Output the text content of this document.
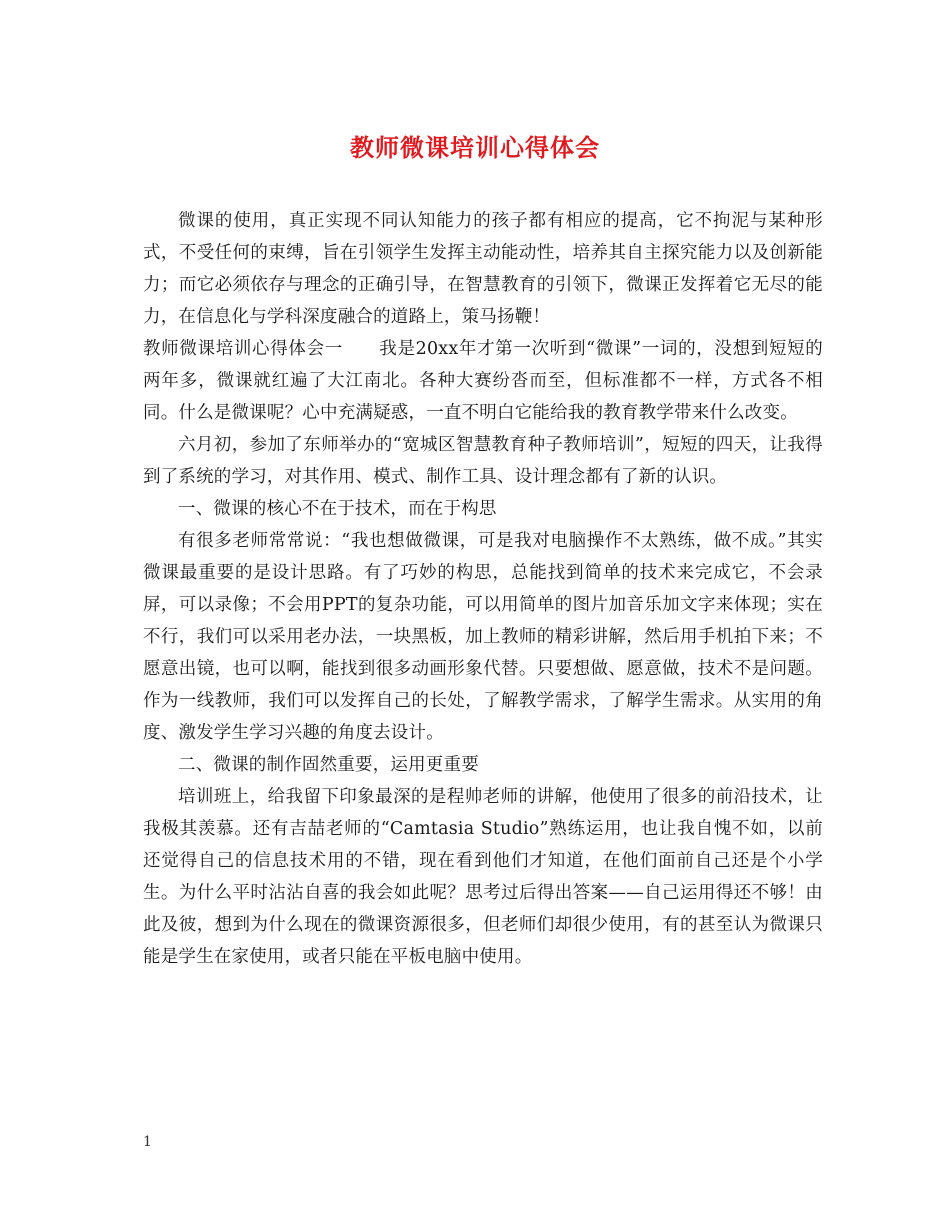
教师微课培训心得体会

微课的使用，真正实现不同认知能力的孩子都有相应的提高，它不拘泥与某种形式，不受任何的束缚，旨在引领学生发挥主动能动性，培养其自主探究能力以及创新能力；而它必须依存与理念的正确引导，在智慧教育的引领下，微课正发挥着它无尽的能力，在信息化与学科深度融合的道路上，策马扬鞭！

教师微课培训心得体会一　　我是20xx年才第一次听到“微课”一词的，没想到短短的两年多，微课就红遍了大江南北。各种大赛纷沓而至，但标准都不一样，方式各不相同。什么是微课呢？心中充满疑惑，一直不明白它能给我的教育教学带来什么改变。

六月初，参加了东师举办的“宽城区智慧教育种子教师培训”，短短的四天，让我得到了系统的学习，对其作用、模式、制作工具、设计理念都有了新的认识。

一、微课的核心不在于技术，而在于构思

有很多老师常常说：“我也想做微课，可是我对电脑操作不太熟练，做不成。”其实微课最重要的是设计思路。有了巧妙的构思，总能找到简单的技术来完成它，不会录屏，可以录像；不会用PPT的复杂功能，可以用简单的图片加音乐加文字来体现；实在不行，我们可以采用老办法，一块黑板，加上教师的精彩讲解，然后用手机拍下来；不愿意出镜，也可以啊，能找到很多动画形象代替。只要想做、愿意做，技术不是问题。作为一线教师，我们可以发挥自己的长处，了解教学需求，了解学生需求。从实用的角度、激发学生学习兴趣的角度去设计。

二、微课的制作固然重要，运用更重要

培训班上，给我留下印象最深的是程帅老师的讲解，他使用了很多的前沿技术，让我极其羡慕。还有吉喆老师的“Camtasia Studio”熟练运用，也让我自愧不如，以前还觉得自己的信息技术用的不错，现在看到他们才知道，在他们面前自己还是个小学生。为什么平时沾沾自喜的我会如此呢？思考过后得出答案——自己运用得还不够！由此及彼，想到为什么现在的微课资源很多，但老师们却很少使用，有的甚至认为微课只能是学生在家使用，或者只能在平板电脑中使用。

1
